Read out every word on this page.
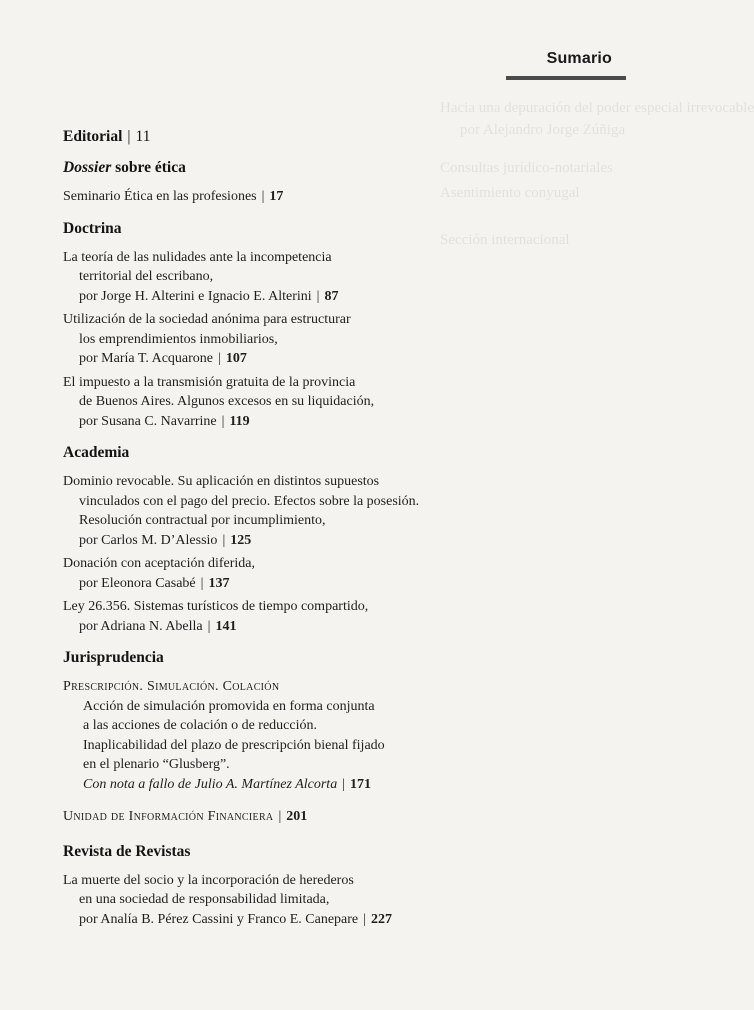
Hacia una depuración del poder especial irrevocable
por Alejandro Jorge Zúñiga
Consultas jurídico-notariales
Asentimiento conyugal
Sección internacional
Sumario
Editorial | 11
Dossier sobre ética
Seminario Ética en las profesiones | 17
Doctrina
La teoría de las nulidades ante la incompetencia
territorial del escribano,
por Jorge H. Alterini e Ignacio E. Alterini | 87
Utilización de la sociedad anónima para estructurar
los emprendimientos inmobiliarios,
por María T. Acquarone | 107
El impuesto a la transmisión gratuita de la provincia
de Buenos Aires. Algunos excesos en su liquidación,
por Susana C. Navarrine | 119
Academia
Dominio revocable. Su aplicación en distintos supuestos
vinculados con el pago del precio. Efectos sobre la posesión.
Resolución contractual por incumplimiento,
por Carlos M. D’Alessio | 125
Donación con aceptación diferida,
por Eleonora Casabé | 137
Ley 26.356. Sistemas turísticos de tiempo compartido,
por Adriana N. Abella | 141
Jurisprudencia
Prescripción. Simulación. Colación
Acción de simulación promovida en forma conjunta
a las acciones de colación o de reducción.
Inaplicabilidad del plazo de prescripción bienal fijado
en el plenario “Glusberg”.
Con nota a fallo de Julio A. Martínez Alcorta | 171
Unidad de Información Financiera | 201
Revista de Revistas
La muerte del socio y la incorporación de herederos
en una sociedad de responsabilidad limitada,
por Analía B. Pérez Cassini y Franco E. Canepare | 227
